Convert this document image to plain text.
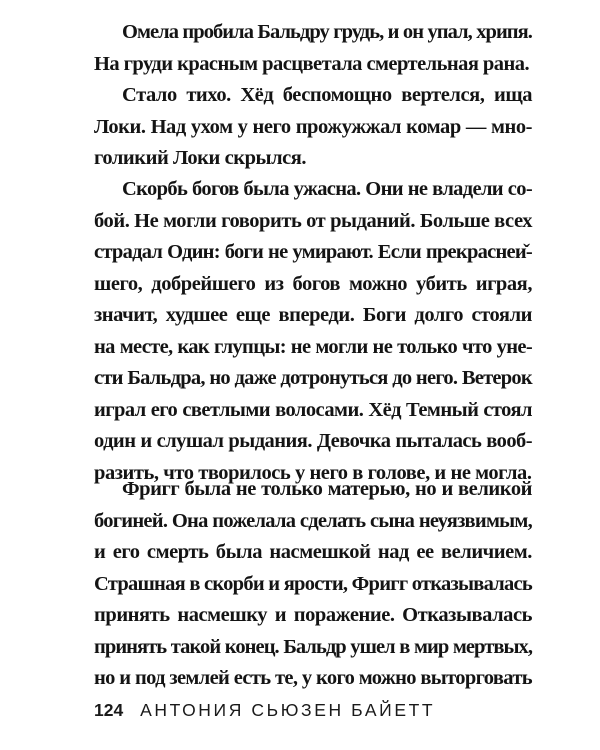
Омела пробила Бальдру грудь, и он упал, хрипя.
На груди красным расцветала смертельная рана.
Стало тихо. Хёд беспомощно вертелся, ища
Локи. Над ухом у него прожужжал комар — мно-
голикий Локи скрылся.
Скорбь богов была ужасна. Они не владели со-
бой. Не могли говорить от рыданий. Больше всех
страдал Один: боги не умирают. Если прекраснеи̌-
шего, добрейшего из богов можно убить играя,
значит, худшее еще впереди. Боги долго стояли
на месте, как глупцы: не могли не только что уне-
сти Бальдра, но даже дотронуться до него. Ветерок
играл его светлыми волосами. Хёд Темный стоял
один и слушал рыдания. Девочка пыталась вооб-
разить, что творилось у него в голове, и не могла.
Фригг была не только матерью, но и великой
богиней. Она пожелала сделать сына неуязвимым,
и его смерть была насмешкой над ее величием.
Страшная в скорби и ярости, Фригг отказывалась
принять насмешку и поражение. Отказывалась
принять такой конец. Бальдр ушел в мир мертвых,
но и под землей есть те, у кого можно выторговать
124 АНТОНИЯ СЬЮЗЕН БАЙЕТТ
